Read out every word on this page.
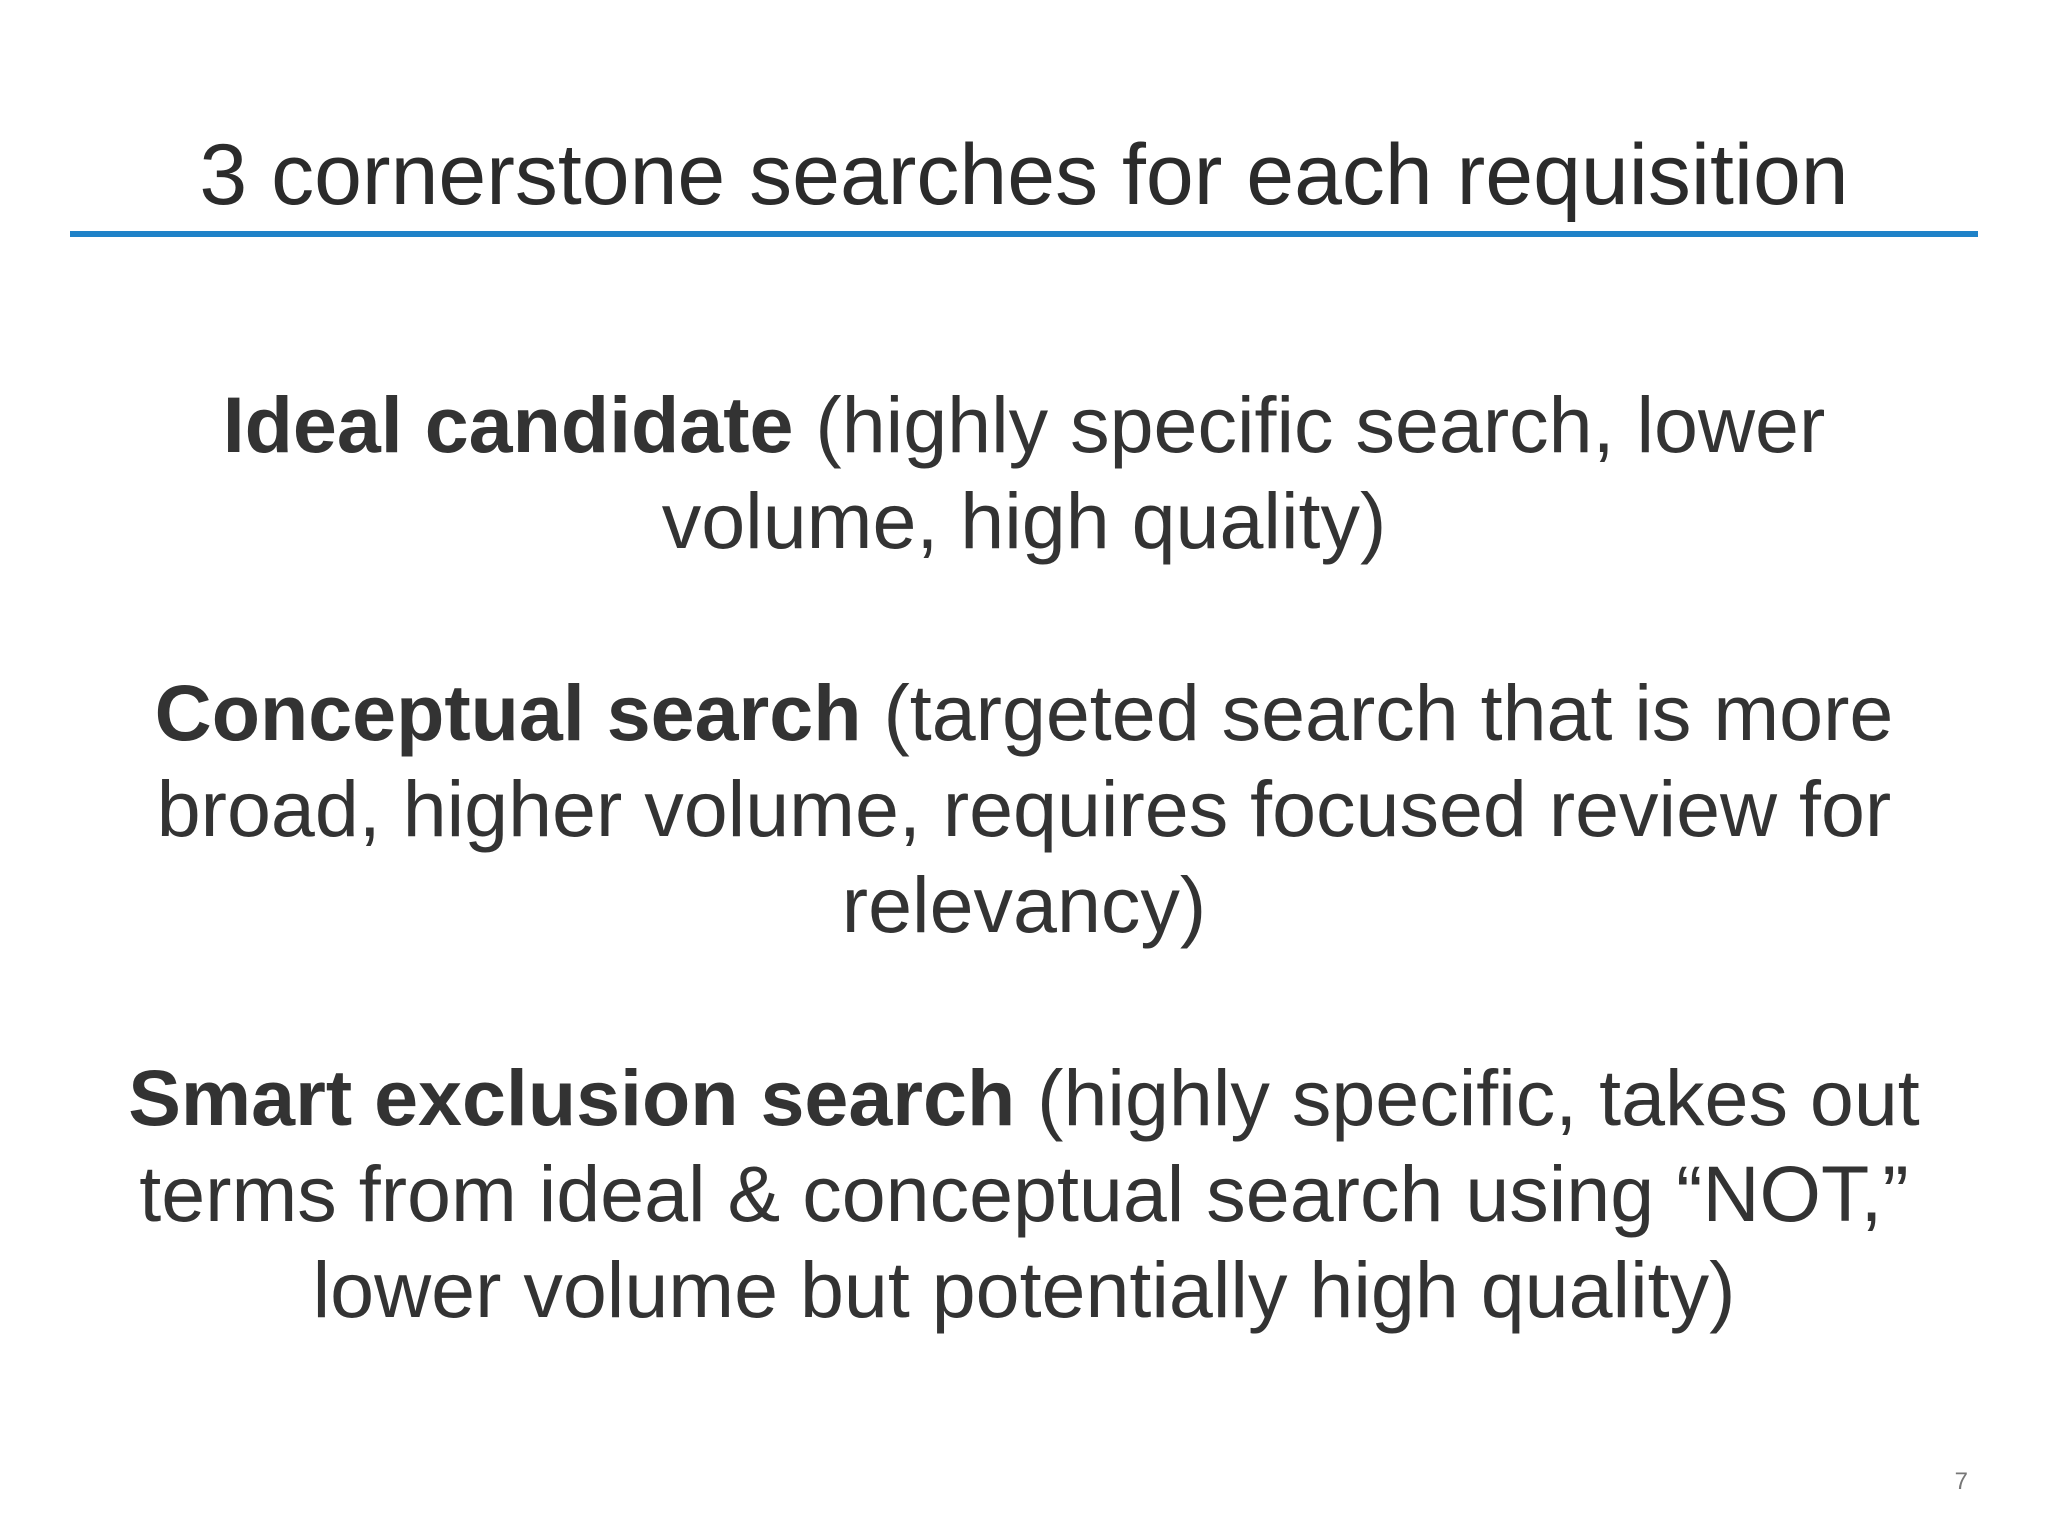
3 cornerstone searches for each requisition

Ideal candidate (highly specific search, lower volume, high quality)

Conceptual search (targeted search that is more broad, higher volume, requires focused review for relevancy)

Smart exclusion search (highly specific, takes out terms from ideal & conceptual search using “NOT,” lower volume but potentially high quality)

7
